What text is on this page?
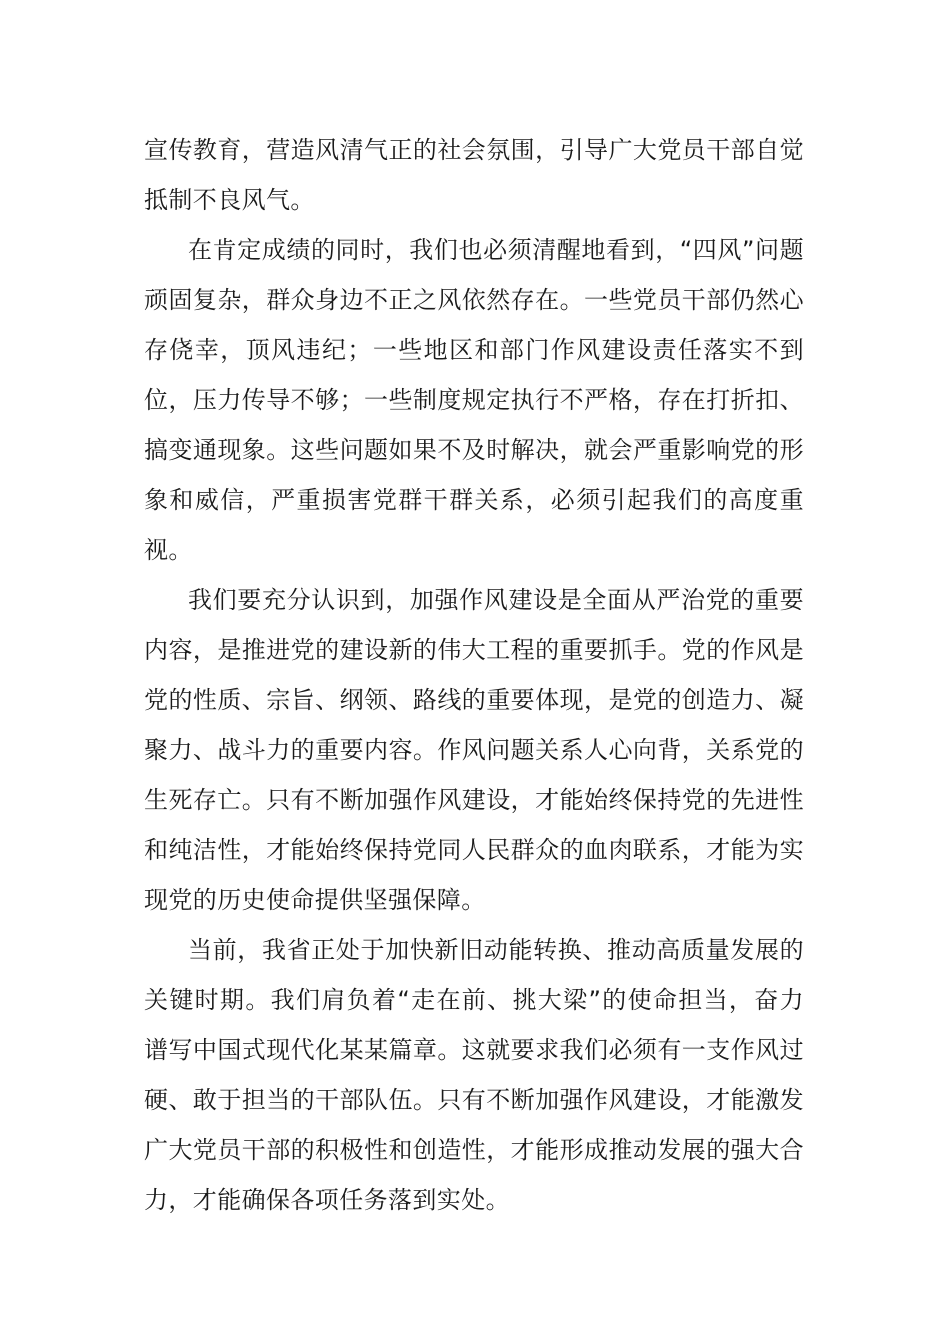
宣传教育，营造风清气正的社会氛围，引导广大党员干部自觉抵制不良风气。

在肯定成绩的同时，我们也必须清醒地看到，“四风”问题顽固复杂，群众身边不正之风依然存在。一些党员干部仍然心存侥幸，顶风违纪；一些地区和部门作风建设责任落实不到位，压力传导不够；一些制度规定执行不严格，存在打折扣、搞变通现象。这些问题如果不及时解决，就会严重影响党的形象和威信，严重损害党群干群关系，必须引起我们的高度重视。

我们要充分认识到，加强作风建设是全面从严治党的重要内容，是推进党的建设新的伟大工程的重要抓手。党的作风是党的性质、宗旨、纲领、路线的重要体现，是党的创造力、凝聚力、战斗力的重要内容。作风问题关系人心向背，关系党的生死存亡。只有不断加强作风建设，才能始终保持党的先进性和纯洁性，才能始终保持党同人民群众的血肉联系，才能为实现党的历史使命提供坚强保障。

当前，我省正处于加快新旧动能转换、推动高质量发展的关键时期。我们肩负着“走在前、挑大梁”的使命担当，奋力谱写中国式现代化某某篇章。这就要求我们必须有一支作风过硬、敢于担当的干部队伍。只有不断加强作风建设，才能激发广大党员干部的积极性和创造性，才能形成推动发展的强大合力，才能确保各项任务落到实处。
